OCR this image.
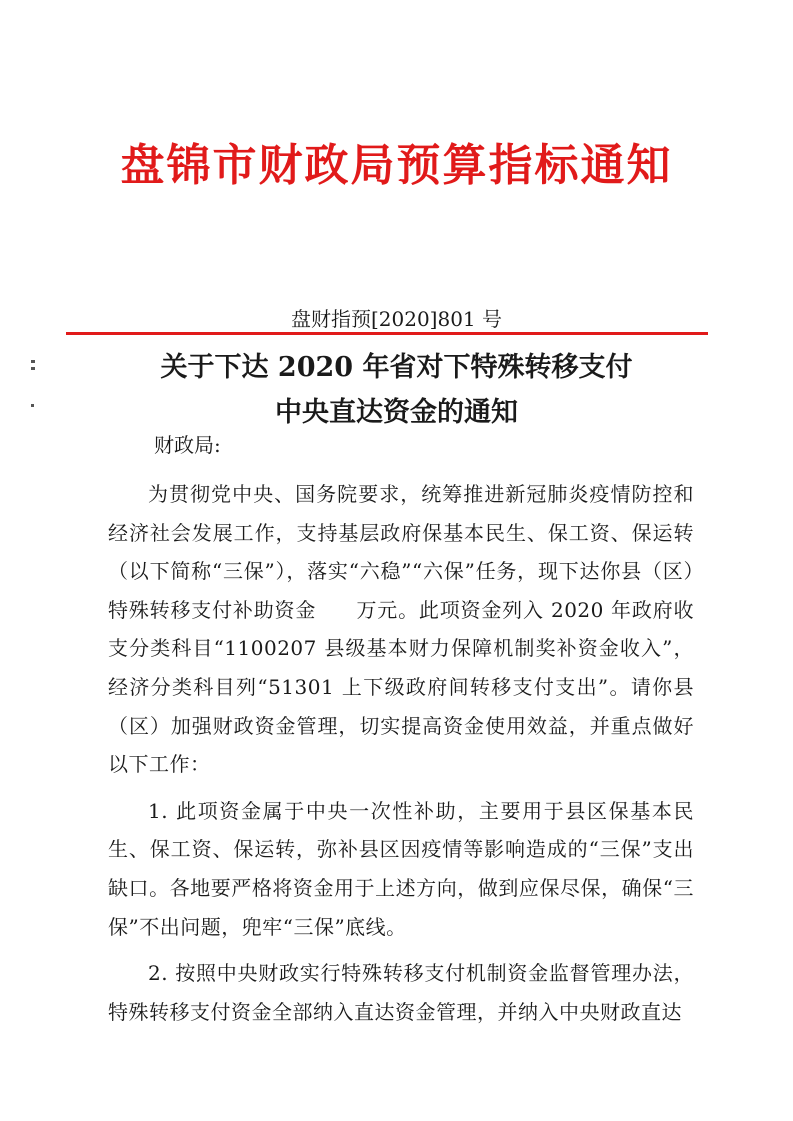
盘锦市财政局预算指标通知
盘财指预[2020]801 号
关于下达 2020 年省对下特殊转移支付
中央直达资金的通知
财政局:

为贯彻党中央、国务院要求，统筹推进新冠肺炎疫情防控和经济社会发展工作，支持基层政府保基本民生、保工资、保运转（以下简称“三保”），落实“六稳”“六保”任务，现下达你县（区）特殊转移支付补助资金 万元。此项资金列入 2020 年政府收支分类科目“1100207 县级基本财力保障机制奖补资金收入”，经济分类科目列“51301 上下级政府间转移支付支出”。请你县（区）加强财政资金管理，切实提高资金使用效益，并重点做好以下工作：

1. 此项资金属于中央一次性补助，主要用于县区保基本民生、保工资、保运转，弥补县区因疫情等影响造成的“三保”支出缺口。各地要严格将资金用于上述方向，做到应保尽保，确保“三保”不出问题，兜牢“三保”底线。

2. 按照中央财政实行特殊转移支付机制资金监督管理办法，特殊转移支付资金全部纳入直达资金管理，并纳入中央财政直达
